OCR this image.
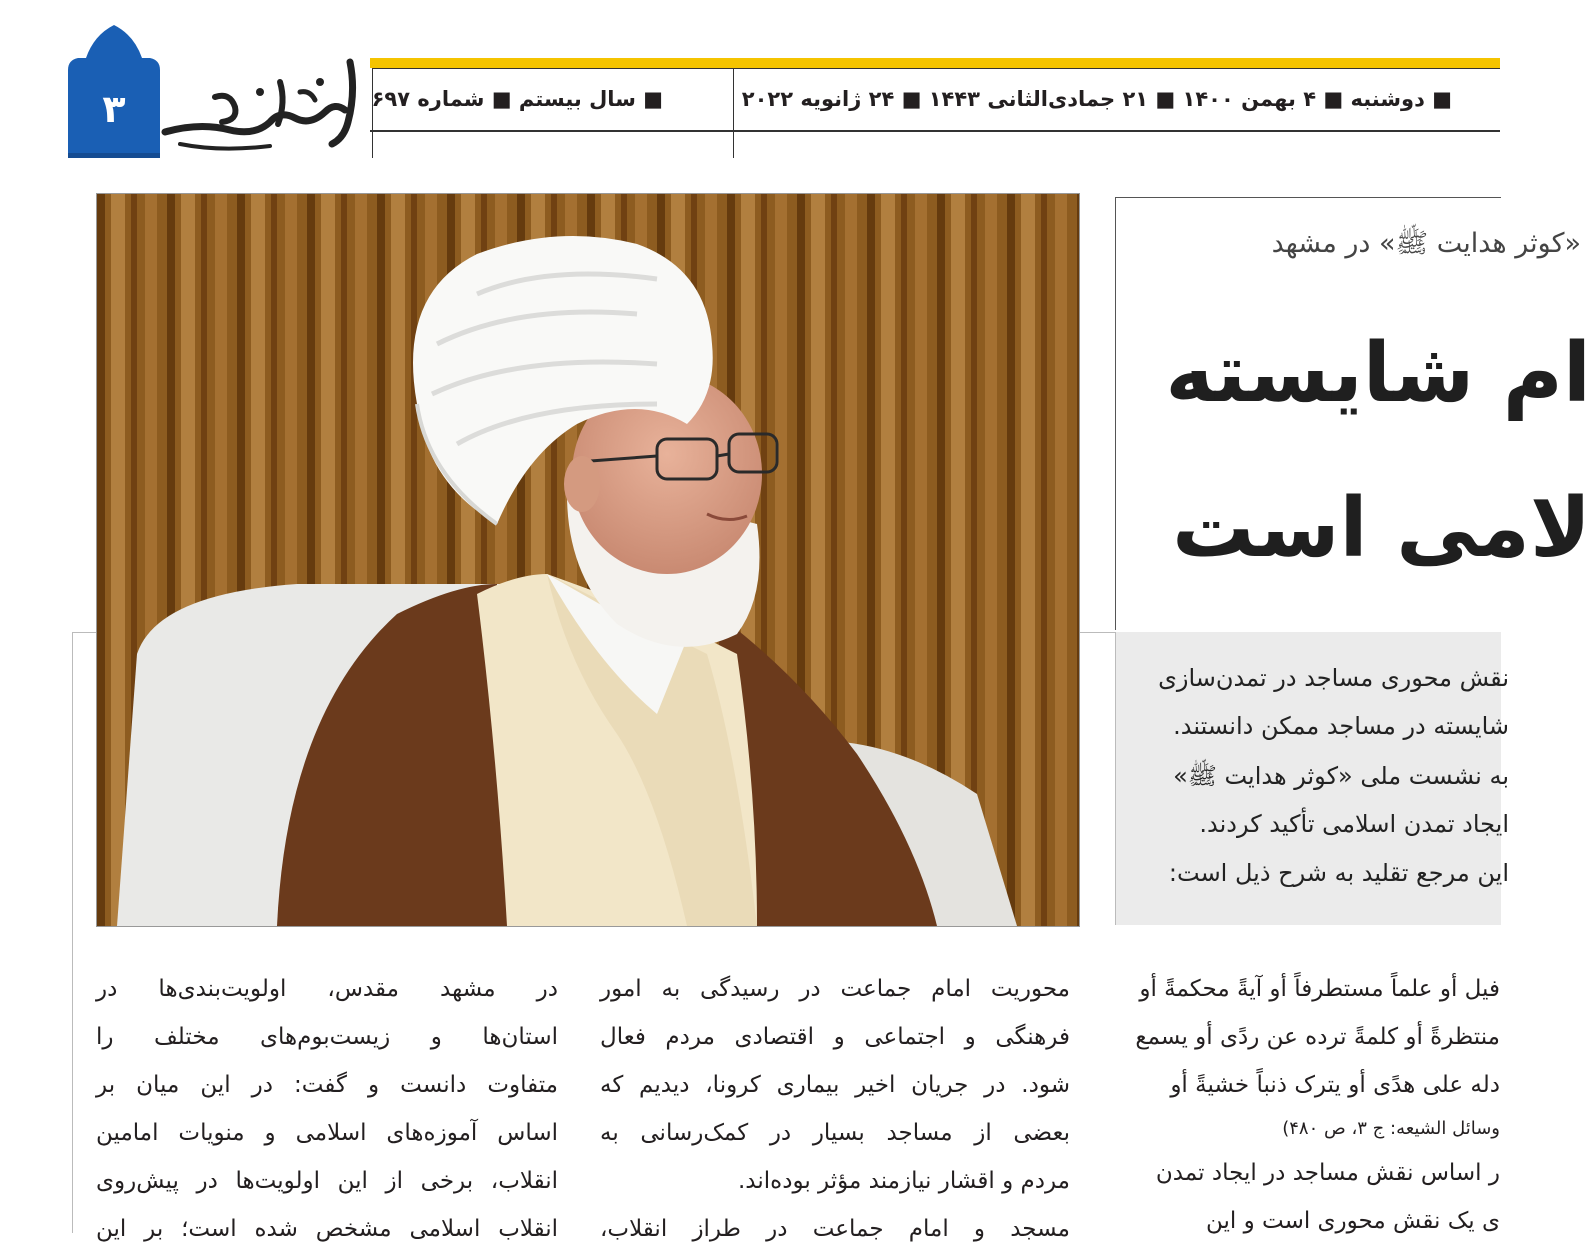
۳	■ سال بیستم ■ شماره ۶۹۷	■ دوشنبه ■ ۴ بهمن ۱۴۰۰ ■ ۲۱ جمادی‌الثانی ۱۴۴۳ ■ ۲۴ ژانویه ۲۰۲۲
«کوثر هدایت ﷺ» در مشهد
ام شایسته
لامی است
نقش محوری مساجد در تمدن‌سازی
شایسته در مساجد ممکن دانستند.
به نشست ملی «کوثر هدایت ﷺ»
ایجاد تمدن اسلامی تأکید کردند.
این مرجع تقلید به شرح ذیل است:

در مشهد مقدس، اولویت‌بندی‌ها در

استان‌ها و زیست‌بوم‌های مختلف را

متفاوت دانست و گفت: در این میان بر

اساس آموزه‌های اسلامی و منویات امامین

انقلاب، برخی از این اولویت‌ها در پیش‌روی

انقلاب اسلامی مشخص شده است؛ بر این

محوریت امام جماعت در رسیدگی به امور

فرهنگی و اجتماعی و اقتصادی مردم فعال

شود. در جریان اخیر بیماری کرونا، دیدیم که

بعضی از مساجد بسیار در کمک‌رسانی به

مردم و اقشار نیازمند مؤثر بوده‌اند.

مسجد و امام جماعت در طراز انقلاب،

فیل أو علماً مستطرفاً أو آیةً محکمةً أو

منتظرةً أو کلمةً ترده عن ردًی أو یسمع

دله علی هدًی أو یترک ذنباً خشیةً أو

وسائل الشیعه: ج ۳، ص ۴۸۰)

ر اساس نقش مساجد در ایجاد تمدن

ی یک نقش محوری است و این
